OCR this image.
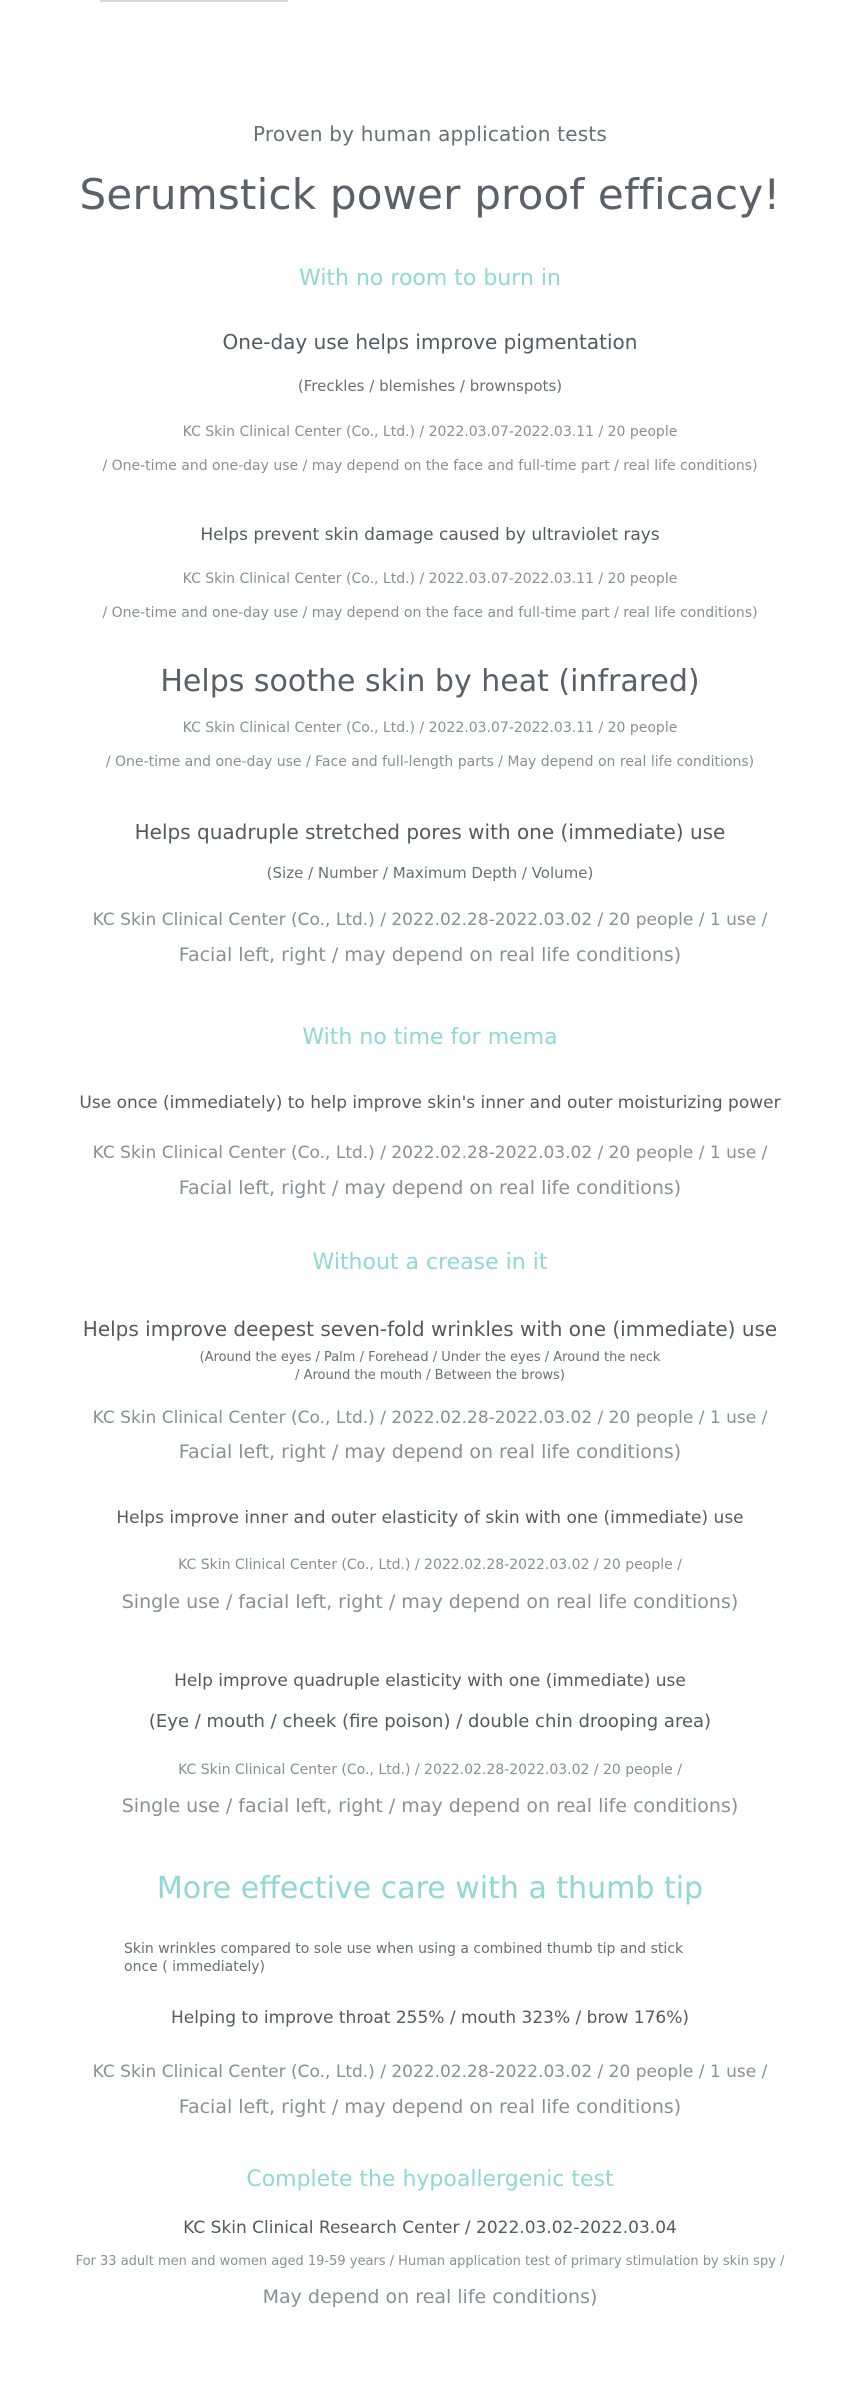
Proven by human application tests
Serumstick power proof efficacy!
With no room to burn in
One-day use helps improve pigmentation
(Freckles / blemishes / brownspots)
KC Skin Clinical Center (Co., Ltd.) / 2022.03.07-2022.03.11 / 20 people
/ One-time and one-day use / may depend on the face and full-time part / real life conditions)
Helps prevent skin damage caused by ultraviolet rays
KC Skin Clinical Center (Co., Ltd.) / 2022.03.07-2022.03.11 / 20 people
/ One-time and one-day use / may depend on the face and full-time part / real life conditions)
Helps soothe skin by heat (infrared)
KC Skin Clinical Center (Co., Ltd.) / 2022.03.07-2022.03.11 / 20 people
/ One-time and one-day use / Face and full-length parts / May depend on real life conditions)
Helps quadruple stretched pores with one (immediate) use
(Size / Number / Maximum Depth / Volume)
KC Skin Clinical Center (Co., Ltd.) / 2022.02.28-2022.03.02 / 20 people / 1 use /
Facial left, right / may depend on real life conditions)
With no time for mema
Use once (immediately) to help improve skin's inner and outer moisturizing power
KC Skin Clinical Center (Co., Ltd.) / 2022.02.28-2022.03.02 / 20 people / 1 use /
Facial left, right / may depend on real life conditions)
Without a crease in it
Helps improve deepest seven-fold wrinkles with one (immediate) use
(Around the eyes / Palm / Forehead / Under the eyes / Around the neck
/ Around the mouth / Between the brows)
KC Skin Clinical Center (Co., Ltd.) / 2022.02.28-2022.03.02 / 20 people / 1 use /
Facial left, right / may depend on real life conditions)
Helps improve inner and outer elasticity of skin with one (immediate) use
KC Skin Clinical Center (Co., Ltd.) / 2022.02.28-2022.03.02 / 20 people /
Single use / facial left, right / may depend on real life conditions)
Help improve quadruple elasticity with one (immediate) use
(Eye / mouth / cheek (fire poison) / double chin drooping area)
KC Skin Clinical Center (Co., Ltd.) / 2022.02.28-2022.03.02 / 20 people /
Single use / facial left, right / may depend on real life conditions)
More effective care with a thumb tip
Skin wrinkles compared to sole use when using a combined thumb tip and stick once ( immediately)
Helping to improve throat 255% / mouth 323% / brow 176%)
KC Skin Clinical Center (Co., Ltd.) / 2022.02.28-2022.03.02 / 20 people / 1 use /
Facial left, right / may depend on real life conditions)
Complete the hypoallergenic test
KC Skin Clinical Research Center / 2022.03.02-2022.03.04
For 33 adult men and women aged 19-59 years / Human application test of primary stimulation by skin spy /
May depend on real life conditions)
